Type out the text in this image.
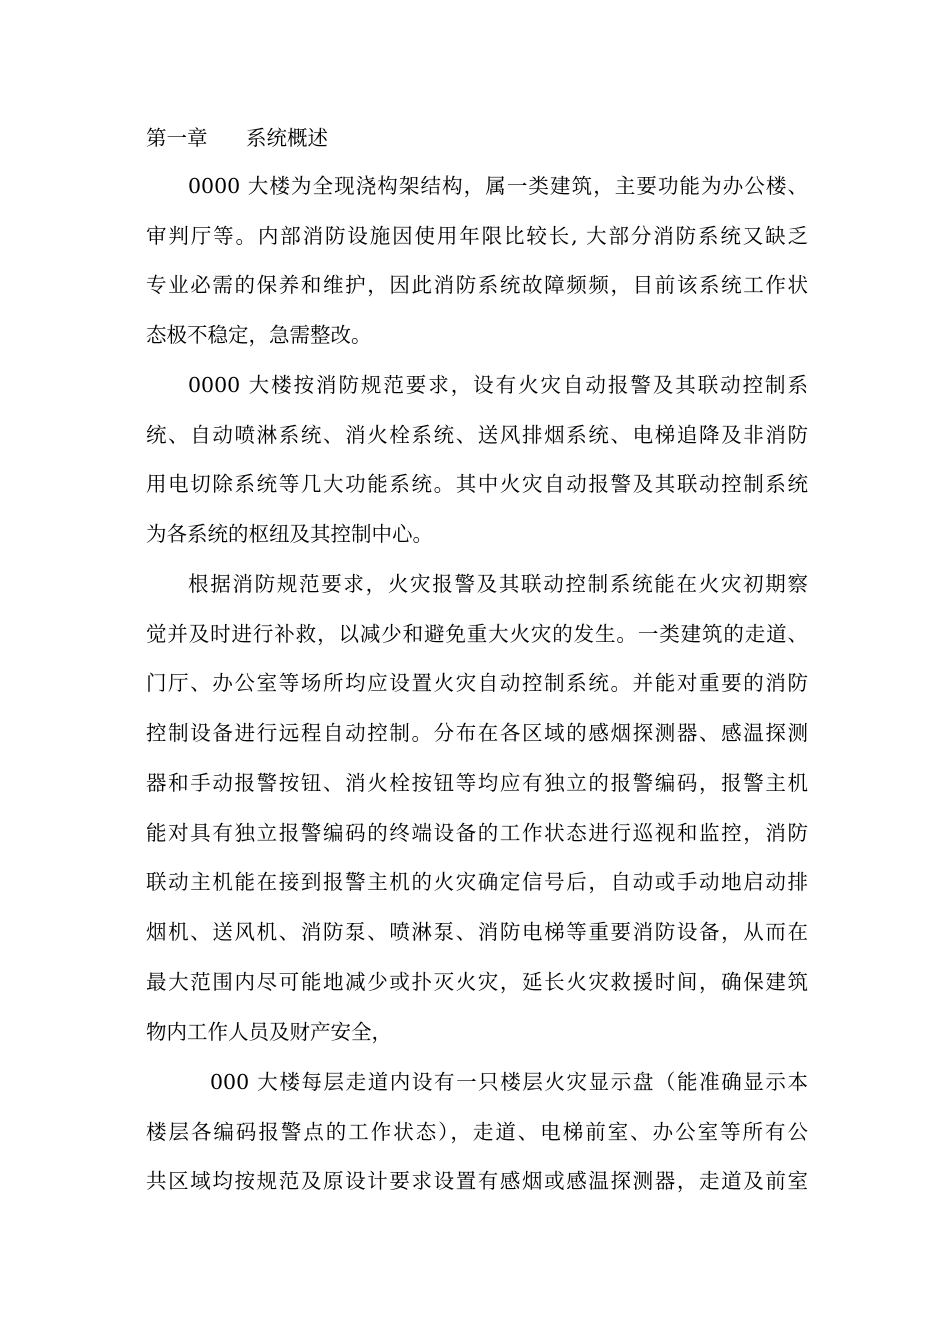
第一章 系统概述
0000 大楼为全现浇构架结构，属一类建筑，主要功能为办公楼、
审判厅等。内部消防设施因使用年限比较长, 大部分消防系统又缺乏
专业必需的保养和维护，因此消防系统故障频频，目前该系统工作状
态极不稳定，急需整改。
0000 大楼按消防规范要求，设有火灾自动报警及其联动控制系
统、自动喷淋系统、消火栓系统、送风排烟系统、电梯追降及非消防
用电切除系统等几大功能系统。其中火灾自动报警及其联动控制系统
为各系统的枢纽及其控制中心。
根据消防规范要求，火灾报警及其联动控制系统能在火灾初期察
觉并及时进行补救，以减少和避免重大火灾的发生。一类建筑的走道、
门厅、办公室等场所均应设置火灾自动控制系统。并能对重要的消防
控制设备进行远程自动控制。分布在各区域的感烟探测器、感温探测
器和手动报警按钮、消火栓按钮等均应有独立的报警编码，报警主机
能对具有独立报警编码的终端设备的工作状态进行巡视和监控，消防
联动主机能在接到报警主机的火灾确定信号后，自动或手动地启动排
烟机、送风机、消防泵、喷淋泵、消防电梯等重要消防设备，从而在
最大范围内尽可能地减少或扑灭火灾，延长火灾救援时间，确保建筑
物内工作人员及财产安全，
000 大楼每层走道内设有一只楼层火灾显示盘（能准确显示本
楼层各编码报警点的工作状态），走道、电梯前室、办公室等所有公
共区域均按规范及原设计要求设置有感烟或感温探测器，走道及前室
